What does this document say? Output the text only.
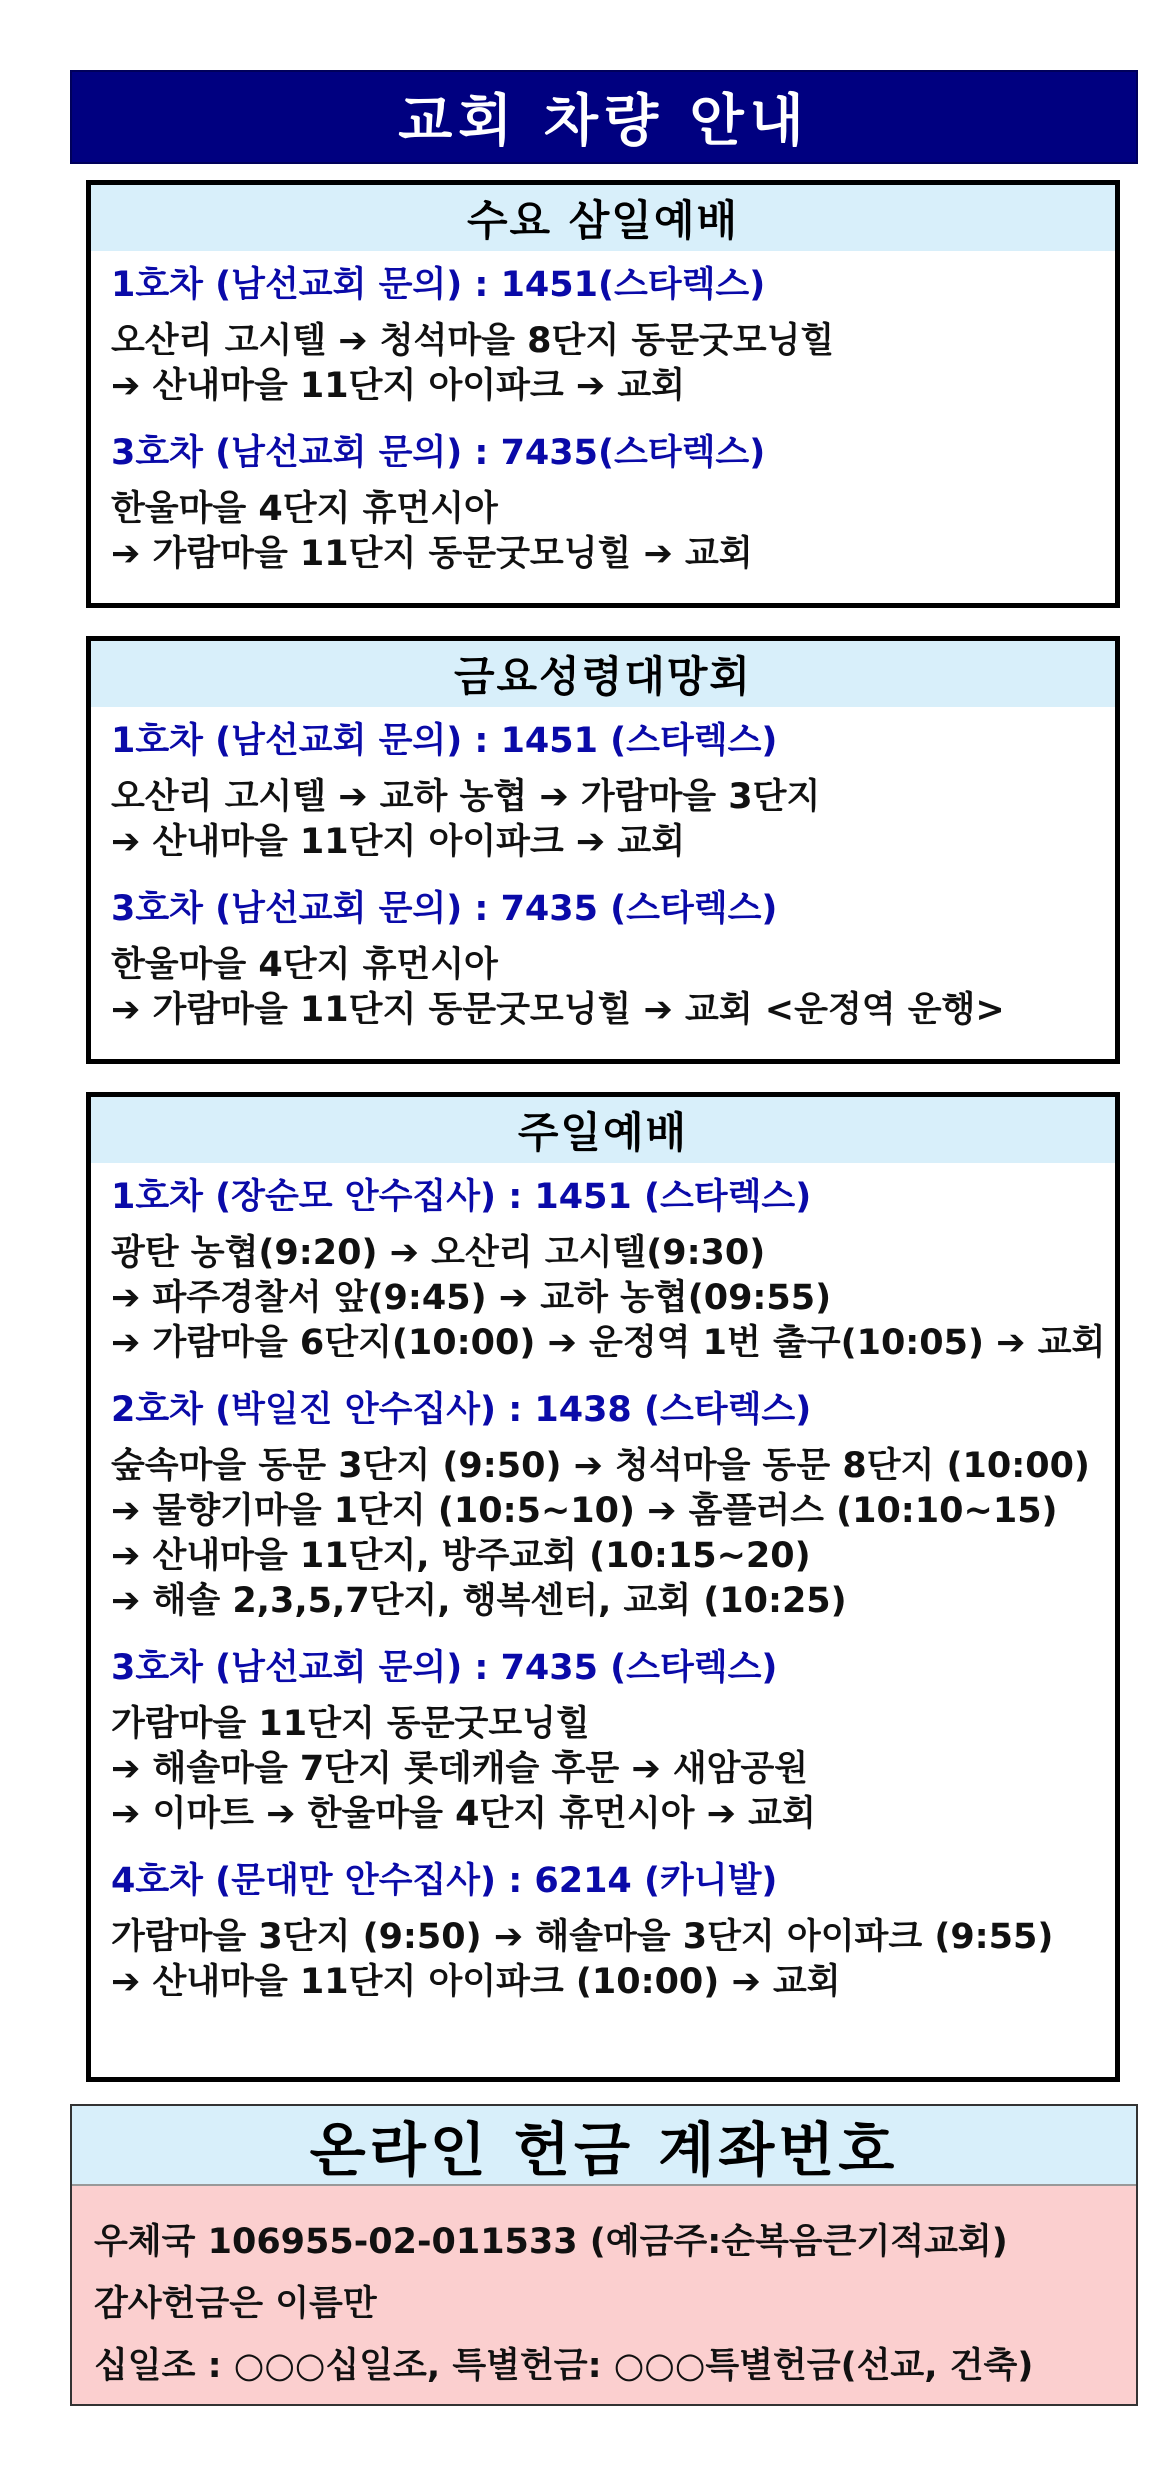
교회 차량 안내
수요 삼일예배
1호차 (남선교회 문의) : 1451(스타렉스)
오산리 고시텔 ➔ 청석마을 8단지 동문굿모닝힐
➔ 산내마을 11단지 아이파크 ➔ 교회
3호차 (남선교회 문의) : 7435(스타렉스)
한울마을 4단지 휴먼시아
➔ 가람마을 11단지 동문굿모닝힐 ➔ 교회
금요성령대망회
1호차 (남선교회 문의) : 1451 (스타렉스)
오산리 고시텔 ➔ 교하 농협 ➔ 가람마을 3단지
➔ 산내마을 11단지 아이파크 ➔ 교회
3호차 (남선교회 문의) : 7435 (스타렉스)
한울마을 4단지 휴먼시아
➔ 가람마을 11단지 동문굿모닝힐 ➔ 교회 <운정역 운행>
주일예배
1호차 (장순모 안수집사) : 1451 (스타렉스)
광탄 농협(9:20) ➔ 오산리 고시텔(9:30)
➔ 파주경찰서 앞(9:45) ➔ 교하 농협(09:55)
➔ 가람마을 6단지(10:00) ➔ 운정역 1번 출구(10:05) ➔ 교회
2호차 (박일진 안수집사) : 1438 (스타렉스)
숲속마을 동문 3단지 (9:50) ➔ 청석마을 동문 8단지 (10:00)
➔ 물향기마을 1단지 (10:5~10) ➔ 홈플러스 (10:10~15)
➔ 산내마을 11단지, 방주교회 (10:15~20)
➔ 해솔 2,3,5,7단지, 행복센터, 교회 (10:25)
3호차 (남선교회 문의) : 7435 (스타렉스)
가람마을 11단지 동문굿모닝힐
➔ 해솔마을 7단지 롯데캐슬 후문 ➔ 새암공원
➔ 이마트 ➔ 한울마을 4단지 휴먼시아 ➔ 교회
4호차 (문대만 안수집사) : 6214 (카니발)
가람마을 3단지 (9:50) ➔ 해솔마을 3단지 아이파크 (9:55)
➔ 산내마을 11단지 아이파크 (10:00) ➔ 교회
온라인 헌금 계좌번호
우체국 106955-02-011533 (예금주:순복음큰기적교회)
감사헌금은 이름만
십일조 : ○○○십일조, 특별헌금: ○○○특별헌금(선교, 건축)
